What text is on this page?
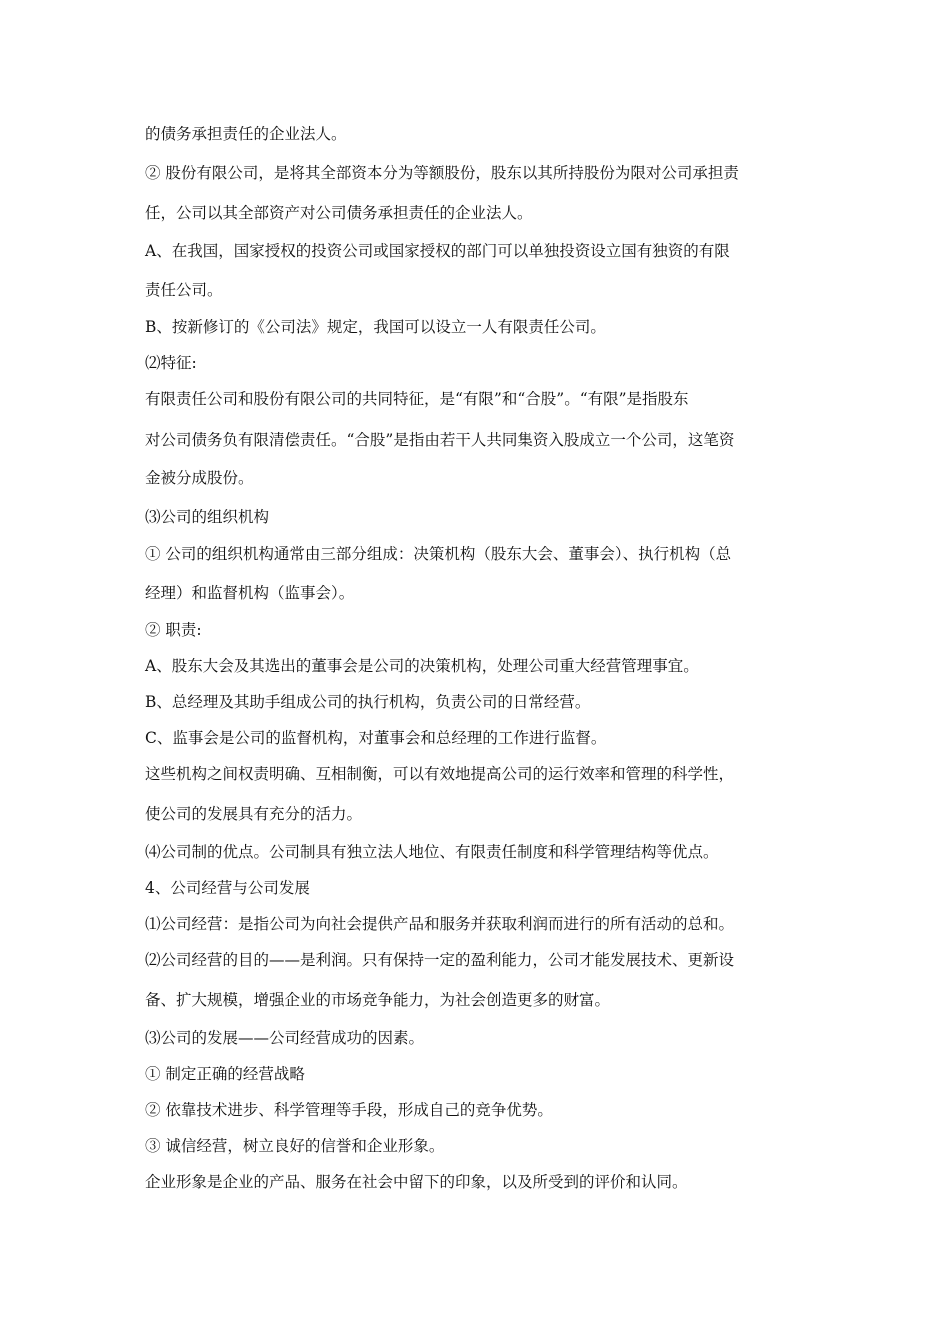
的债务承担责任的企业法人。
② 股份有限公司，是将其全部资本分为等额股份，股东以其所持股份为限对公司承担责
任，公司以其全部资产对公司债务承担责任的企业法人。
A、在我国，国家授权的投资公司或国家授权的部门可以单独投资设立国有独资的有限
责任公司。
B、按新修订的《公司法》规定，我国可以设立一人有限责任公司。
⑵特征:
有限责任公司和股份有限公司的共同特征，是“有限”和“合股”。“有限”是指股东
对公司债务负有限清偿责任。“合股”是指由若干人共同集资入股成立一个公司，这笔资
金被分成股份。
⑶公司的组织机构
① 公司的组织机构通常由三部分组成：决策机构（股东大会、董事会）、执行机构（总
经理）和监督机构（监事会）。
② 职责:
A、股东大会及其选出的董事会是公司的决策机构，处理公司重大经营管理事宜。
B、总经理及其助手组成公司的执行机构，负责公司的日常经营。
C、监事会是公司的监督机构，对董事会和总经理的工作进行监督。
这些机构之间权责明确、互相制衡，可以有效地提高公司的运行效率和管理的科学性，
使公司的发展具有充分的活力。
⑷公司制的优点。公司制具有独立法人地位、有限责任制度和科学管理结构等优点。
4、公司经营与公司发展
⑴公司经营：是指公司为向社会提供产品和服务并获取利润而进行的所有活动的总和。
⑵公司经营的目的——是利润。只有保持一定的盈利能力，公司才能发展技术、更新设
备、扩大规模，增强企业的市场竞争能力，为社会创造更多的财富。
⑶公司的发展——公司经营成功的因素。
① 制定正确的经营战略
② 依靠技术进步、科学管理等手段，形成自己的竞争优势。
③ 诚信经营，树立良好的信誉和企业形象。
企业形象是企业的产品、服务在社会中留下的印象，以及所受到的评价和认同。
